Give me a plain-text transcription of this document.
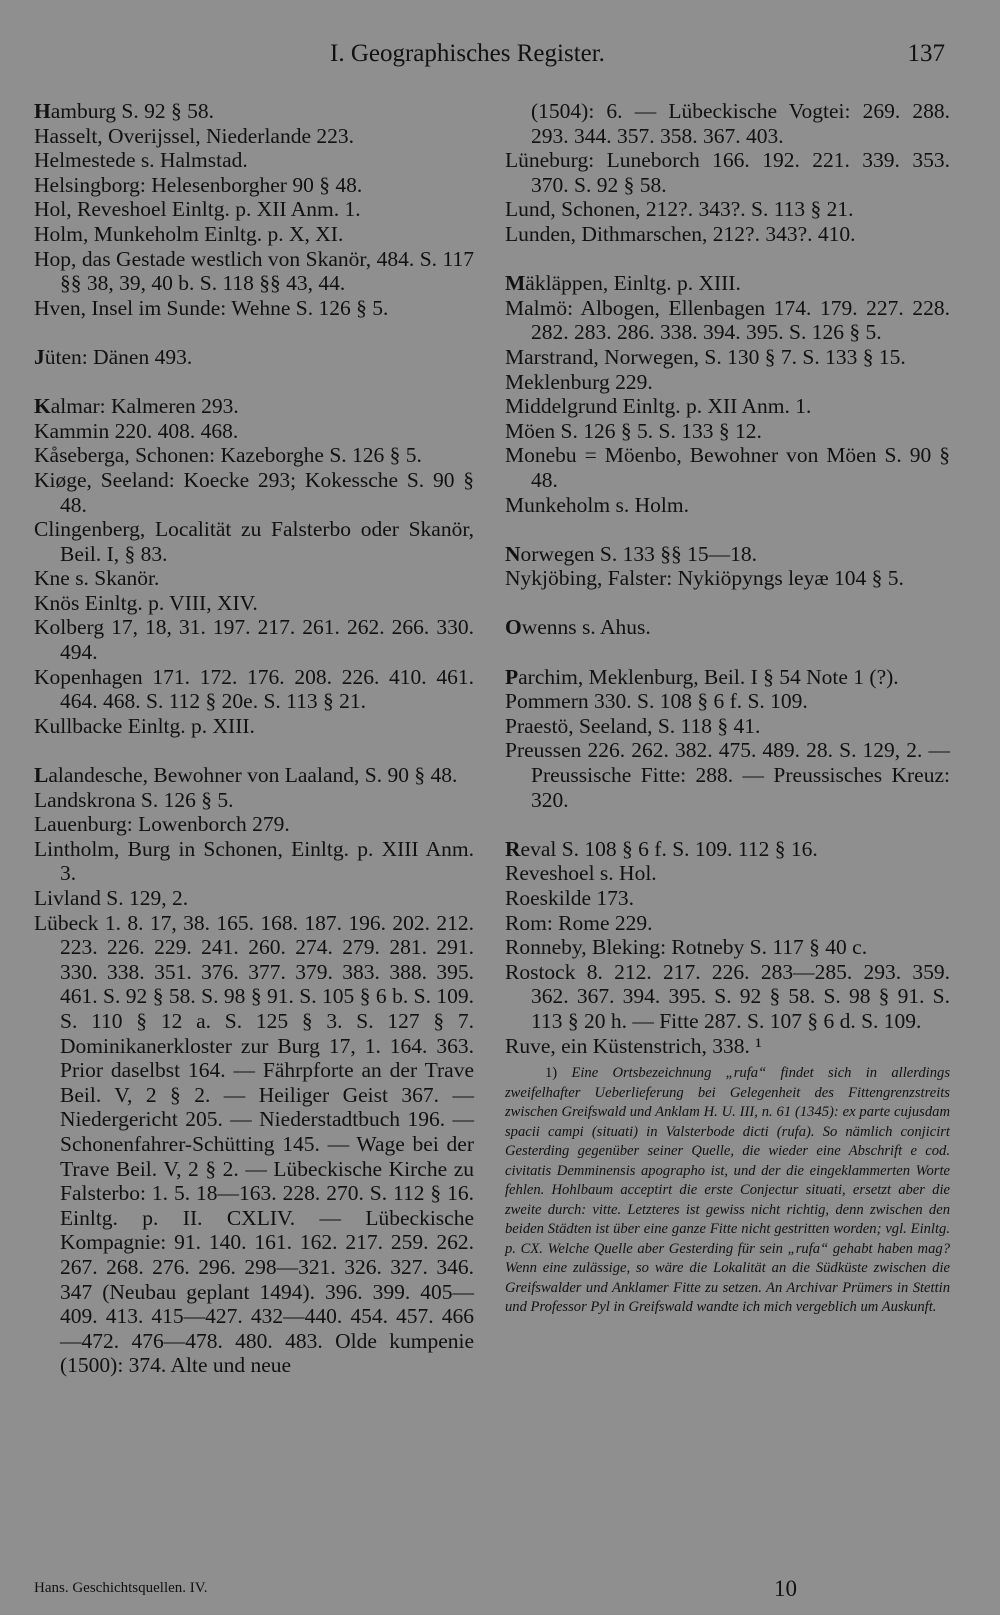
I. Geographisches Register.	137
Hamburg S. 92 § 58.
Hasselt, Overijssel, Niederlande 223.
Helmestede s. Halmstad.
Helsingborg: Helesenborgher 90 § 48.
Hol, Reveshoel Einltg. p. XII Anm. 1.
Holm, Munkeholm Einltg. p. X, XI.
Hop, das Gestade westlich von Skanör, 484. S. 117 §§ 38, 39, 40 b. S. 118 §§ 43, 44.
Hven, Insel im Sunde: Wehne S. 126 § 5.
Jüten: Dänen 493.
Kalmar: Kalmeren 293.
Kammin 220. 408. 468.
Kåseberga, Schonen: Kazeborghe S. 126 § 5.
Kiøge, Seeland: Koecke 293; Kokessche S. 90 § 48.
Clingenberg, Localität zu Falsterbo oder Skanör, Beil. I, § 83.
Kne s. Skanör.
Knös Einltg. p. VIII, XIV.
Kolberg 17, 18, 31. 197. 217. 261. 262. 266. 330. 494.
Kopenhagen 171. 172. 176. 208. 226. 410. 461. 464. 468. S. 112 § 20e. S. 113 § 21.
Kullbacke Einltg. p. XIII.
Lalandesche, Bewohner von Laaland, S. 90 § 48.
Landskrona S. 126 § 5.
Lauenburg: Lowenborch 279.
Lintholm, Burg in Schonen, Einltg. p. XIII Anm. 3.
Livland S. 129, 2.
Lübeck 1. 8. 17, 38. 165. 168. 187. 196. 202. 212. 223. 226. 229. 241. 260. 274. 279. 281. 291. 330. 338. 351. 376. 377. 379. 383. 388. 395. 461. S. 92 § 58. S. 98 § 91. S. 105 § 6 b. S. 109. S. 110 § 12 a. S. 125 § 3. S. 127 § 7. Dominikanerkloster zur Burg 17, 1. 164. 363. Prior daselbst 164. — Fährpforte an der Trave Beil. V, 2 § 2. — Heiliger Geist 367. — Niedergericht 205. — Niederstadtbuch 196. — Schonenfahrer-Schütting 145. — Wage bei der Trave Beil. V, 2 § 2. — Lübeckische Kirche zu Falsterbo: 1. 5. 18—163. 228. 270. S. 112 § 16. Einltg. p. II. CXLIV. — Lübeckische Kompagnie: 91. 140. 161. 162. 217. 259. 262. 267. 268. 276. 296. 298—321. 326. 327. 346. 347 (Neubau geplant 1494). 396. 399. 405—409. 413. 415—427. 432—440. 454. 457. 466—472. 476—478. 480. 483. Olde kumpenie (1500): 374. Alte und neue
(1504): 6. — Lübeckische Vogtei: 269. 288. 293. 344. 357. 358. 367. 403.
Lüneburg: Luneborch 166. 192. 221. 339. 353. 370. S. 92 § 58.
Lund, Schonen, 212?. 343?. S. 113 § 21.
Lunden, Dithmarschen, 212?. 343?. 410.
Mäkläppen, Einltg. p. XIII.
Malmö: Albogen, Ellenbagen 174. 179. 227. 228. 282. 283. 286. 338. 394. 395. S. 126 § 5.
Marstrand, Norwegen, S. 130 § 7. S. 133 § 15.
Meklenburg 229.
Middelgrund Einltg. p. XII Anm. 1.
Möen S. 126 § 5. S. 133 § 12.
Monebu = Möenbo, Bewohner von Möen S. 90 § 48.
Munkeholm s. Holm.
Norwegen S. 133 §§ 15—18.
Nykjöbing, Falster: Nykiöpyngs leyæ 104 § 5.
Owenns s. Ahus.
Parchim, Meklenburg, Beil. I § 54 Note 1 (?).
Pommern 330. S. 108 § 6 f. S. 109.
Praestö, Seeland, S. 118 § 41.
Preussen 226. 262. 382. 475. 489. 28. S. 129, 2. — Preussische Fitte: 288. — Preussisches Kreuz: 320.
Reval S. 108 § 6 f. S. 109. 112 § 16.
Reveshoel s. Hol.
Roeskilde 173.
Rom: Rome 229.
Ronneby, Bleking: Rotneby S. 117 § 40 c.
Rostock 8. 212. 217. 226. 283—285. 293. 359. 362. 367. 394. 395. S. 92 § 58. S. 98 § 91. S. 113 § 20 h. — Fitte 287. S. 107 § 6 d. S. 109.
Ruve, ein Küstenstrich, 338. ¹
1) Eine Ortsbezeichnung „rufa“ findet sich in allerdings zweifelhafter Ueberlieferung bei Gelegenheit des Fittengrenzstreits zwischen Greifswald und Anklam H. U. III, n. 61 (1345): ex parte cujusdam spacii campi (situati) in Valsterbode dicti (rufa). So nämlich conjicirt Gesterding gegenüber seiner Quelle, die wieder eine Abschrift e cod. civitatis Demminensis apographo ist, und der die eingeklammerten Worte fehlen. Hohlbaum acceptirt die erste Conjectur situati, ersetzt aber die zweite durch: vitte. Letzteres ist gewiss nicht richtig, denn zwischen den beiden Städten ist über eine ganze Fitte nicht gestritten worden; vgl. Einltg. p. CX. Welche Quelle aber Gesterding für sein „rufa“ gehabt haben mag? Wenn eine zulässige, so wäre die Lokalität an die Südküste zwischen die Greifswalder und Anklamer Fitte zu setzen. An Archivar Prümers in Stettin und Professor Pyl in Greifswald wandte ich mich vergeblich um Auskunft.
Hans. Geschichtsquellen. IV.	10
